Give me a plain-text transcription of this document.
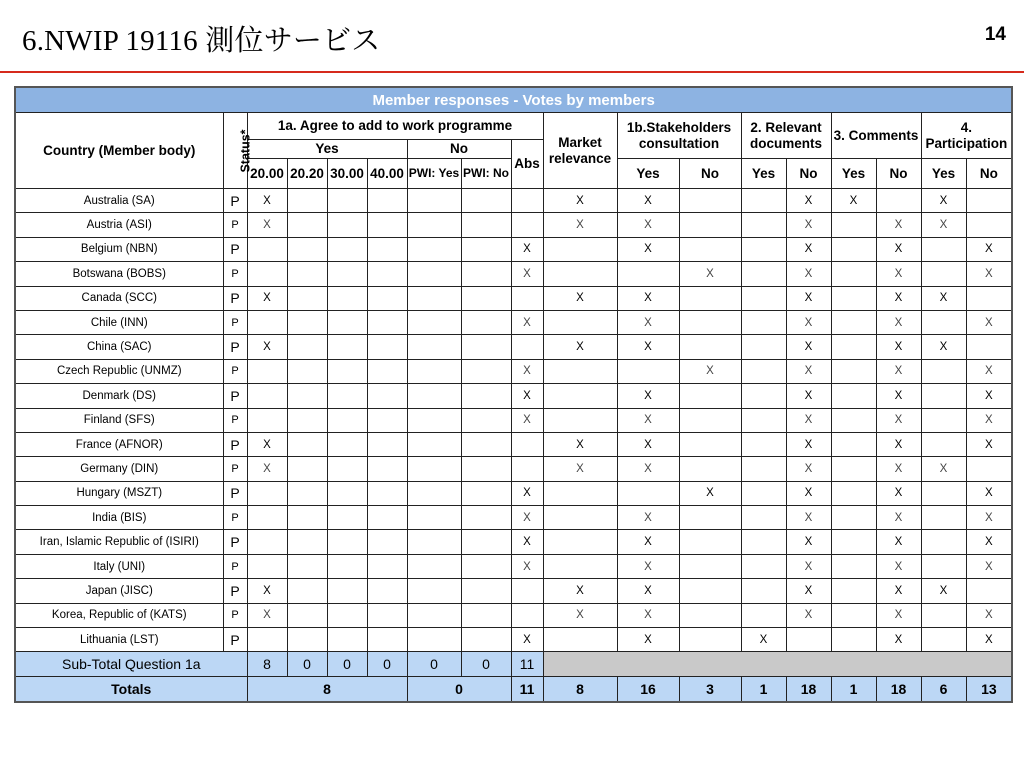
6.NWIP 19116 測位サービス	14
Member responses - Votes by members																	
Country (Member body)	Status*	1a. Agree to add to work programme							Market relevance	1b.Stakeholders consultation		2. Relevant documents		3. Comments		4. Participation	
		Yes				No		Abs									
		20.00	20.20	30.00	40.00	PWI: Yes	PWI: No			Yes	No	Yes	No	Yes	No	Yes	No
Australia (SA)	P	X							X	X			X	X		X	
Austria (ASI)	P	X							X	X			X		X	X	
Belgium (NBN)	P							X		X			X		X		X
Botswana (BOBS)	P							X			X		X		X		X
Canada (SCC)	P	X							X	X			X		X	X	
Chile (INN)	P							X		X			X		X		X
China (SAC)	P	X							X	X			X		X	X	
Czech Republic (UNMZ)	P							X			X		X		X		X
Denmark (DS)	P							X		X			X		X		X
Finland (SFS)	P							X		X			X		X		X
France (AFNOR)	P	X							X	X			X		X		X
Germany (DIN)	P	X							X	X			X		X	X	
Hungary (MSZT)	P							X			X		X		X		X
India (BIS)	P							X		X			X		X		X
Iran, Islamic Republic of (ISIRI)	P							X		X			X		X		X
Italy (UNI)	P							X		X			X		X		X
Japan (JISC)	P	X							X	X			X		X	X	
Korea, Republic of (KATS)	P	X							X	X			X		X		X
Lithuania (LST)	P							X		X		X			X		X
Sub-Total Question 1a		8	0	0	0	0	0	11									
Totals		8				0		11	8	16	3	1	18	1	18	6	13
